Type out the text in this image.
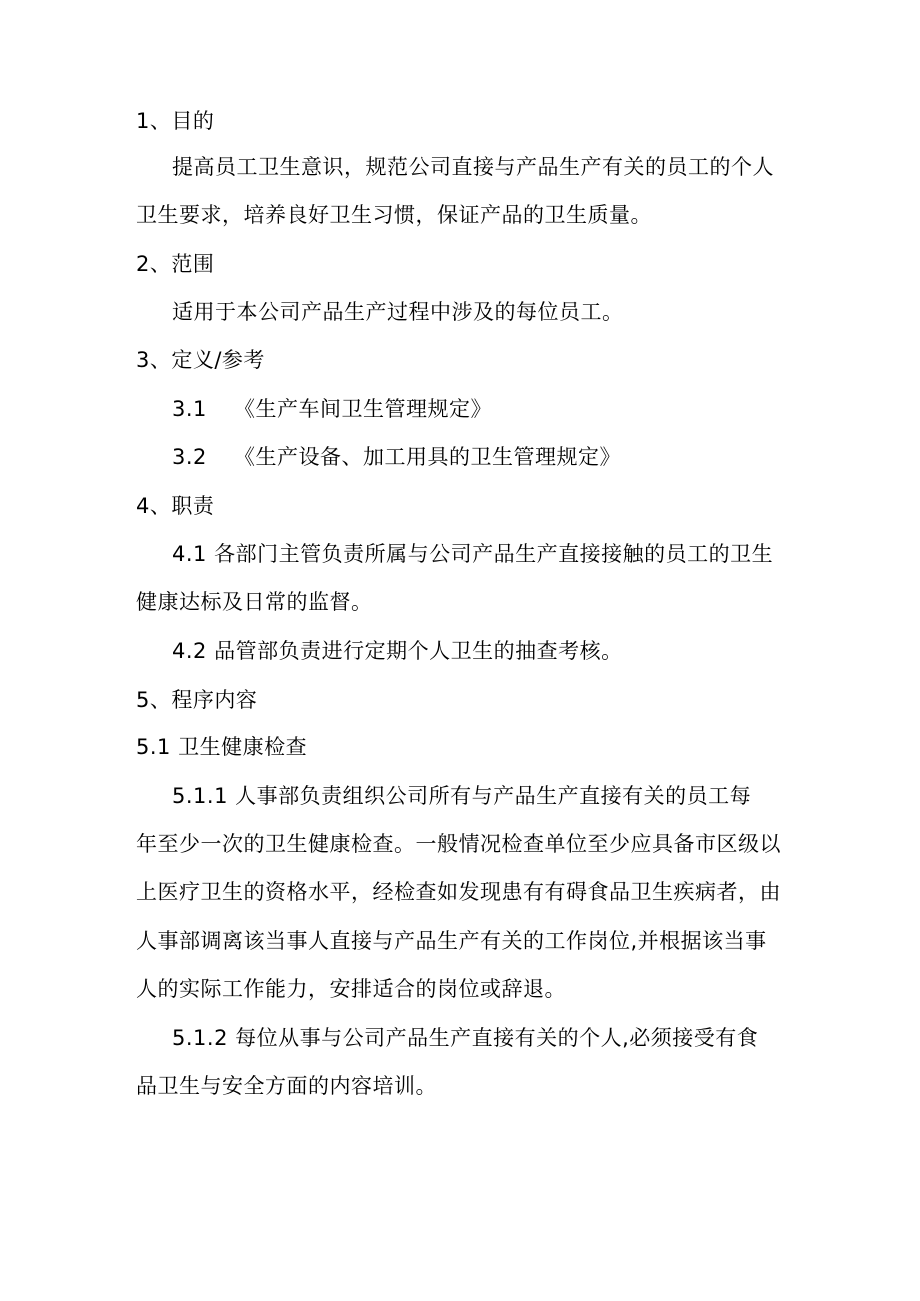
1、目的
提高员工卫生意识，规范公司直接与产品生产有关的员工的个人
卫生要求，培养良好卫生习惯，保证产品的卫生质量。
2、范围
适用于本公司产品生产过程中涉及的每位员工。
3、定义/参考
3.1 《生产车间卫生管理规定》
3.2 《生产设备、加工用具的卫生管理规定》
4、职责
4.1 各部门主管负责所属与公司产品生产直接接触的员工的卫生
健康达标及日常的监督。
4.2 品管部负责进行定期个人卫生的抽查考核。
5、程序内容
5.1 卫生健康检查
5.1.1 人事部负责组织公司所有与产品生产直接有关的员工每
年至少一次的卫生健康检查。一般情况检查单位至少应具备市区级以
上医疗卫生的资格水平，经检查如发现患有有碍食品卫生疾病者，由
人事部调离该当事人直接与产品生产有关的工作岗位,并根据该当事
人的实际工作能力，安排适合的岗位或辞退。
5.1.2 每位从事与公司产品生产直接有关的个人,必须接受有食
品卫生与安全方面的内容培训。
